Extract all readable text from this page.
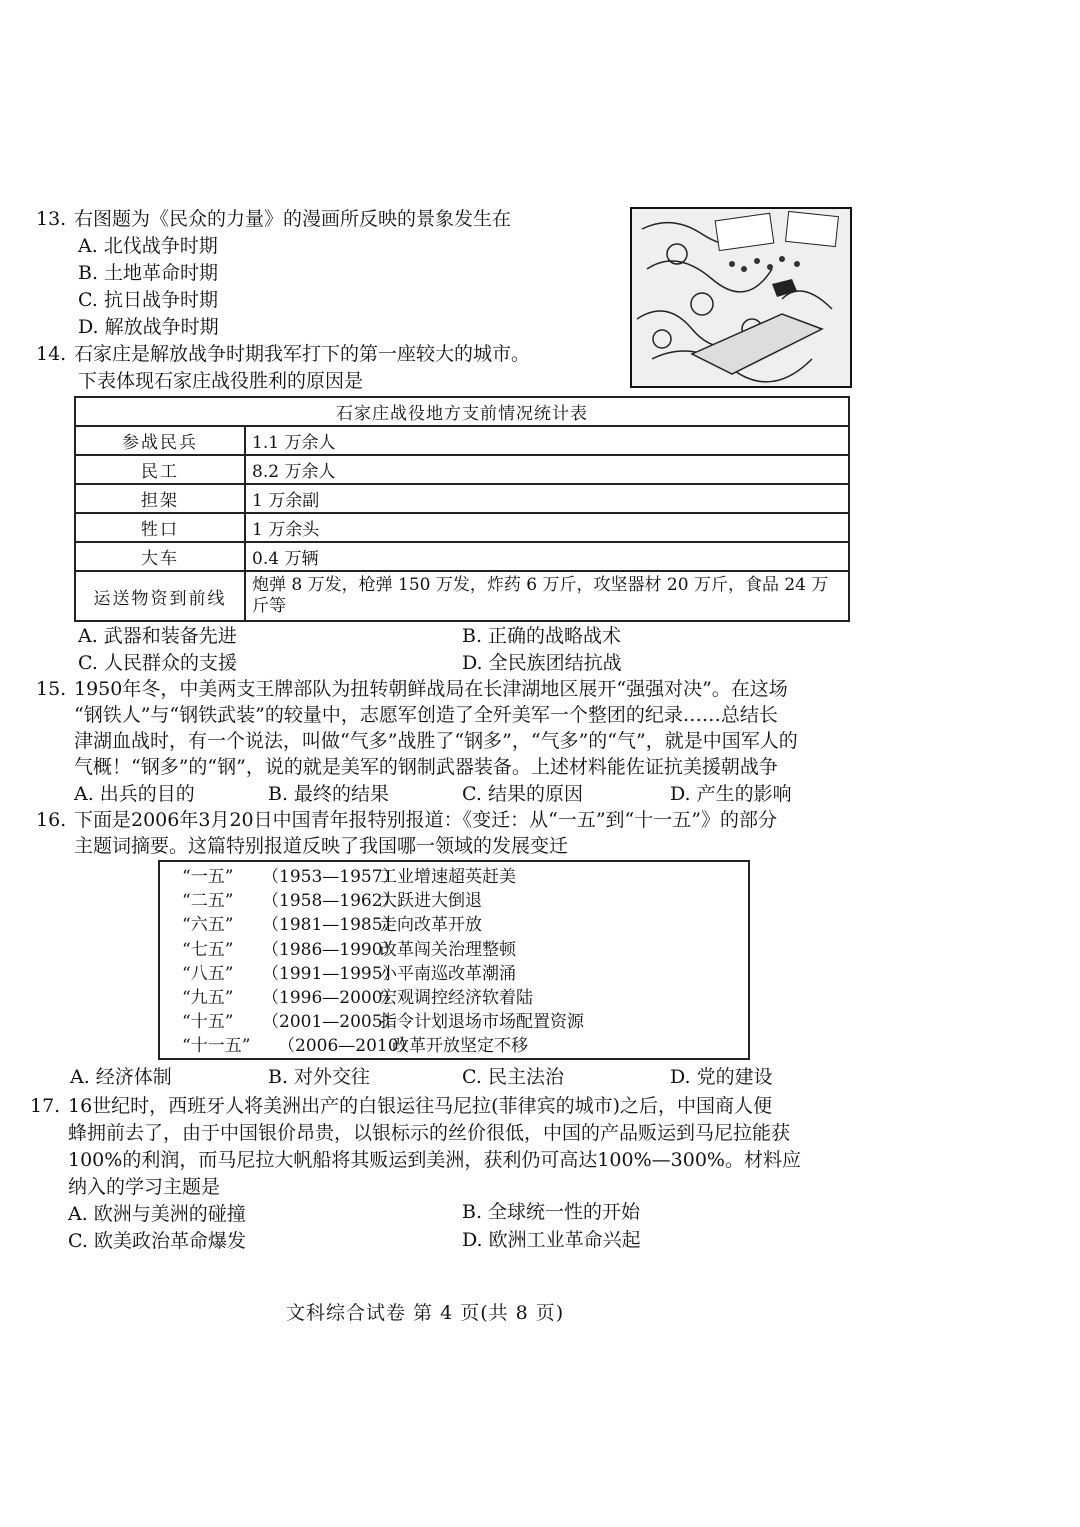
13. 右图题为《民众的力量》的漫画所反映的景象发生在
A. 北伐战争时期
B. 土地革命时期
C. 抗日战争时期
D. 解放战争时期
14. 石家庄是解放战争时期我军打下的第一座较大的城市。
下表体现石家庄战役胜利的原因是
石家庄战役地方支前情况统计表	
参战民兵	1.1 万余人
民工	8.2 万余人
担架	1 万余副
牲口	1 万余头
大车	0.4 万辆
运送物资到前线	炮弹 8 万发，枪弹 150 万发，炸药 6 万斤，攻坚器材 20 万斤，食品 24 万斤等
A. 武器和装备先进	B. 正确的战略战术
C. 人民群众的支援	D. 全民族团结抗战
15. 1950年冬，中美两支王牌部队为扭转朝鲜战局在长津湖地区展开“强强对决”。在这场
“钢铁人”与“钢铁武装”的较量中，志愿军创造了全歼美军一个整团的纪录……总结长
津湖血战时，有一个说法，叫做“气多”战胜了“钢多”，“气多”的“气”，就是中国军人的
气概！“钢多”的“钢”，说的就是美军的钢制武器装备。上述材料能佐证抗美援朝战争
A. 出兵的目的	B. 最终的结果	C. 结果的原因	D. 产生的影响
16. 下面是2006年3月20日中国青年报特别报道：《变迁：从“一五”到“十一五”》的部分
主题词摘要。这篇特别报道反映了我国哪一领域的发展变迁
“一五” （1953—1957）工业增速超英赶美
“二五” （1958—1962）大跃进大倒退
“六五” （1981—1985）走向改革开放
“七五” （1986—1990）改革闯关治理整顿
“八五” （1991—1995）小平南巡改革潮涌
“九五” （1996—2000）宏观调控经济软着陆
“十五” （2001—2005）指令计划退场市场配置资源
“十一五” （2006—2010）改革开放坚定不移
A. 经济体制	B. 对外交往	C. 民主法治	D. 党的建设
17. 16世纪时，西班牙人将美洲出产的白银运往马尼拉(菲律宾的城市)之后，中国商人便
蜂拥前去了，由于中国银价昂贵，以银标示的丝价很低，中国的产品贩运到马尼拉能获
100%的利润，而马尼拉大帆船将其贩运到美洲，获利仍可高达100%—300%。材料应
纳入的学习主题是
A. 欧洲与美洲的碰撞	B. 全球统一性的开始
C. 欧美政治革命爆发	D. 欧洲工业革命兴起
文科综合试卷 第 4 页(共 8 页)
